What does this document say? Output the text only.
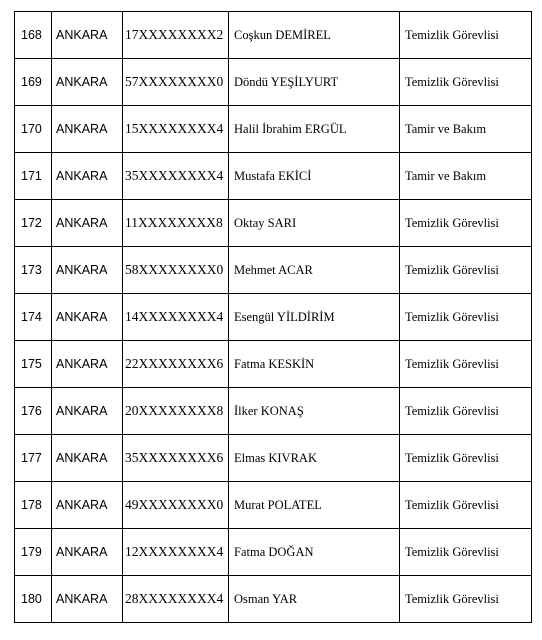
168	ANKARA	17XXXXXXXX2	Coşkun DEMİREL	Temizlik Görevlisi
169	ANKARA	57XXXXXXXX0	Döndü YEŞİLYURT	Temizlik Görevlisi
170	ANKARA	15XXXXXXXX4	Halil İbrahim ERGÜL	Tamir ve Bakım
171	ANKARA	35XXXXXXXX4	Mustafa EKİCİ	Tamir ve Bakım
172	ANKARA	11XXXXXXXX8	Oktay SARI	Temizlik Görevlisi
173	ANKARA	58XXXXXXXX0	Mehmet ACAR	Temizlik Görevlisi
174	ANKARA	14XXXXXXXX4	Esengül YİLDİRİM	Temizlik Görevlisi
175	ANKARA	22XXXXXXXX6	Fatma KESKİN	Temizlik Görevlisi
176	ANKARA	20XXXXXXXX8	İlker KONAŞ	Temizlik Görevlisi
177	ANKARA	35XXXXXXXX6	Elmas KIVRAK	Temizlik Görevlisi
178	ANKARA	49XXXXXXXX0	Murat POLATEL	Temizlik Görevlisi
179	ANKARA	12XXXXXXXX4	Fatma DOĞAN	Temizlik Görevlisi
180	ANKARA	28XXXXXXXX4	Osman YAR	Temizlik Görevlisi
